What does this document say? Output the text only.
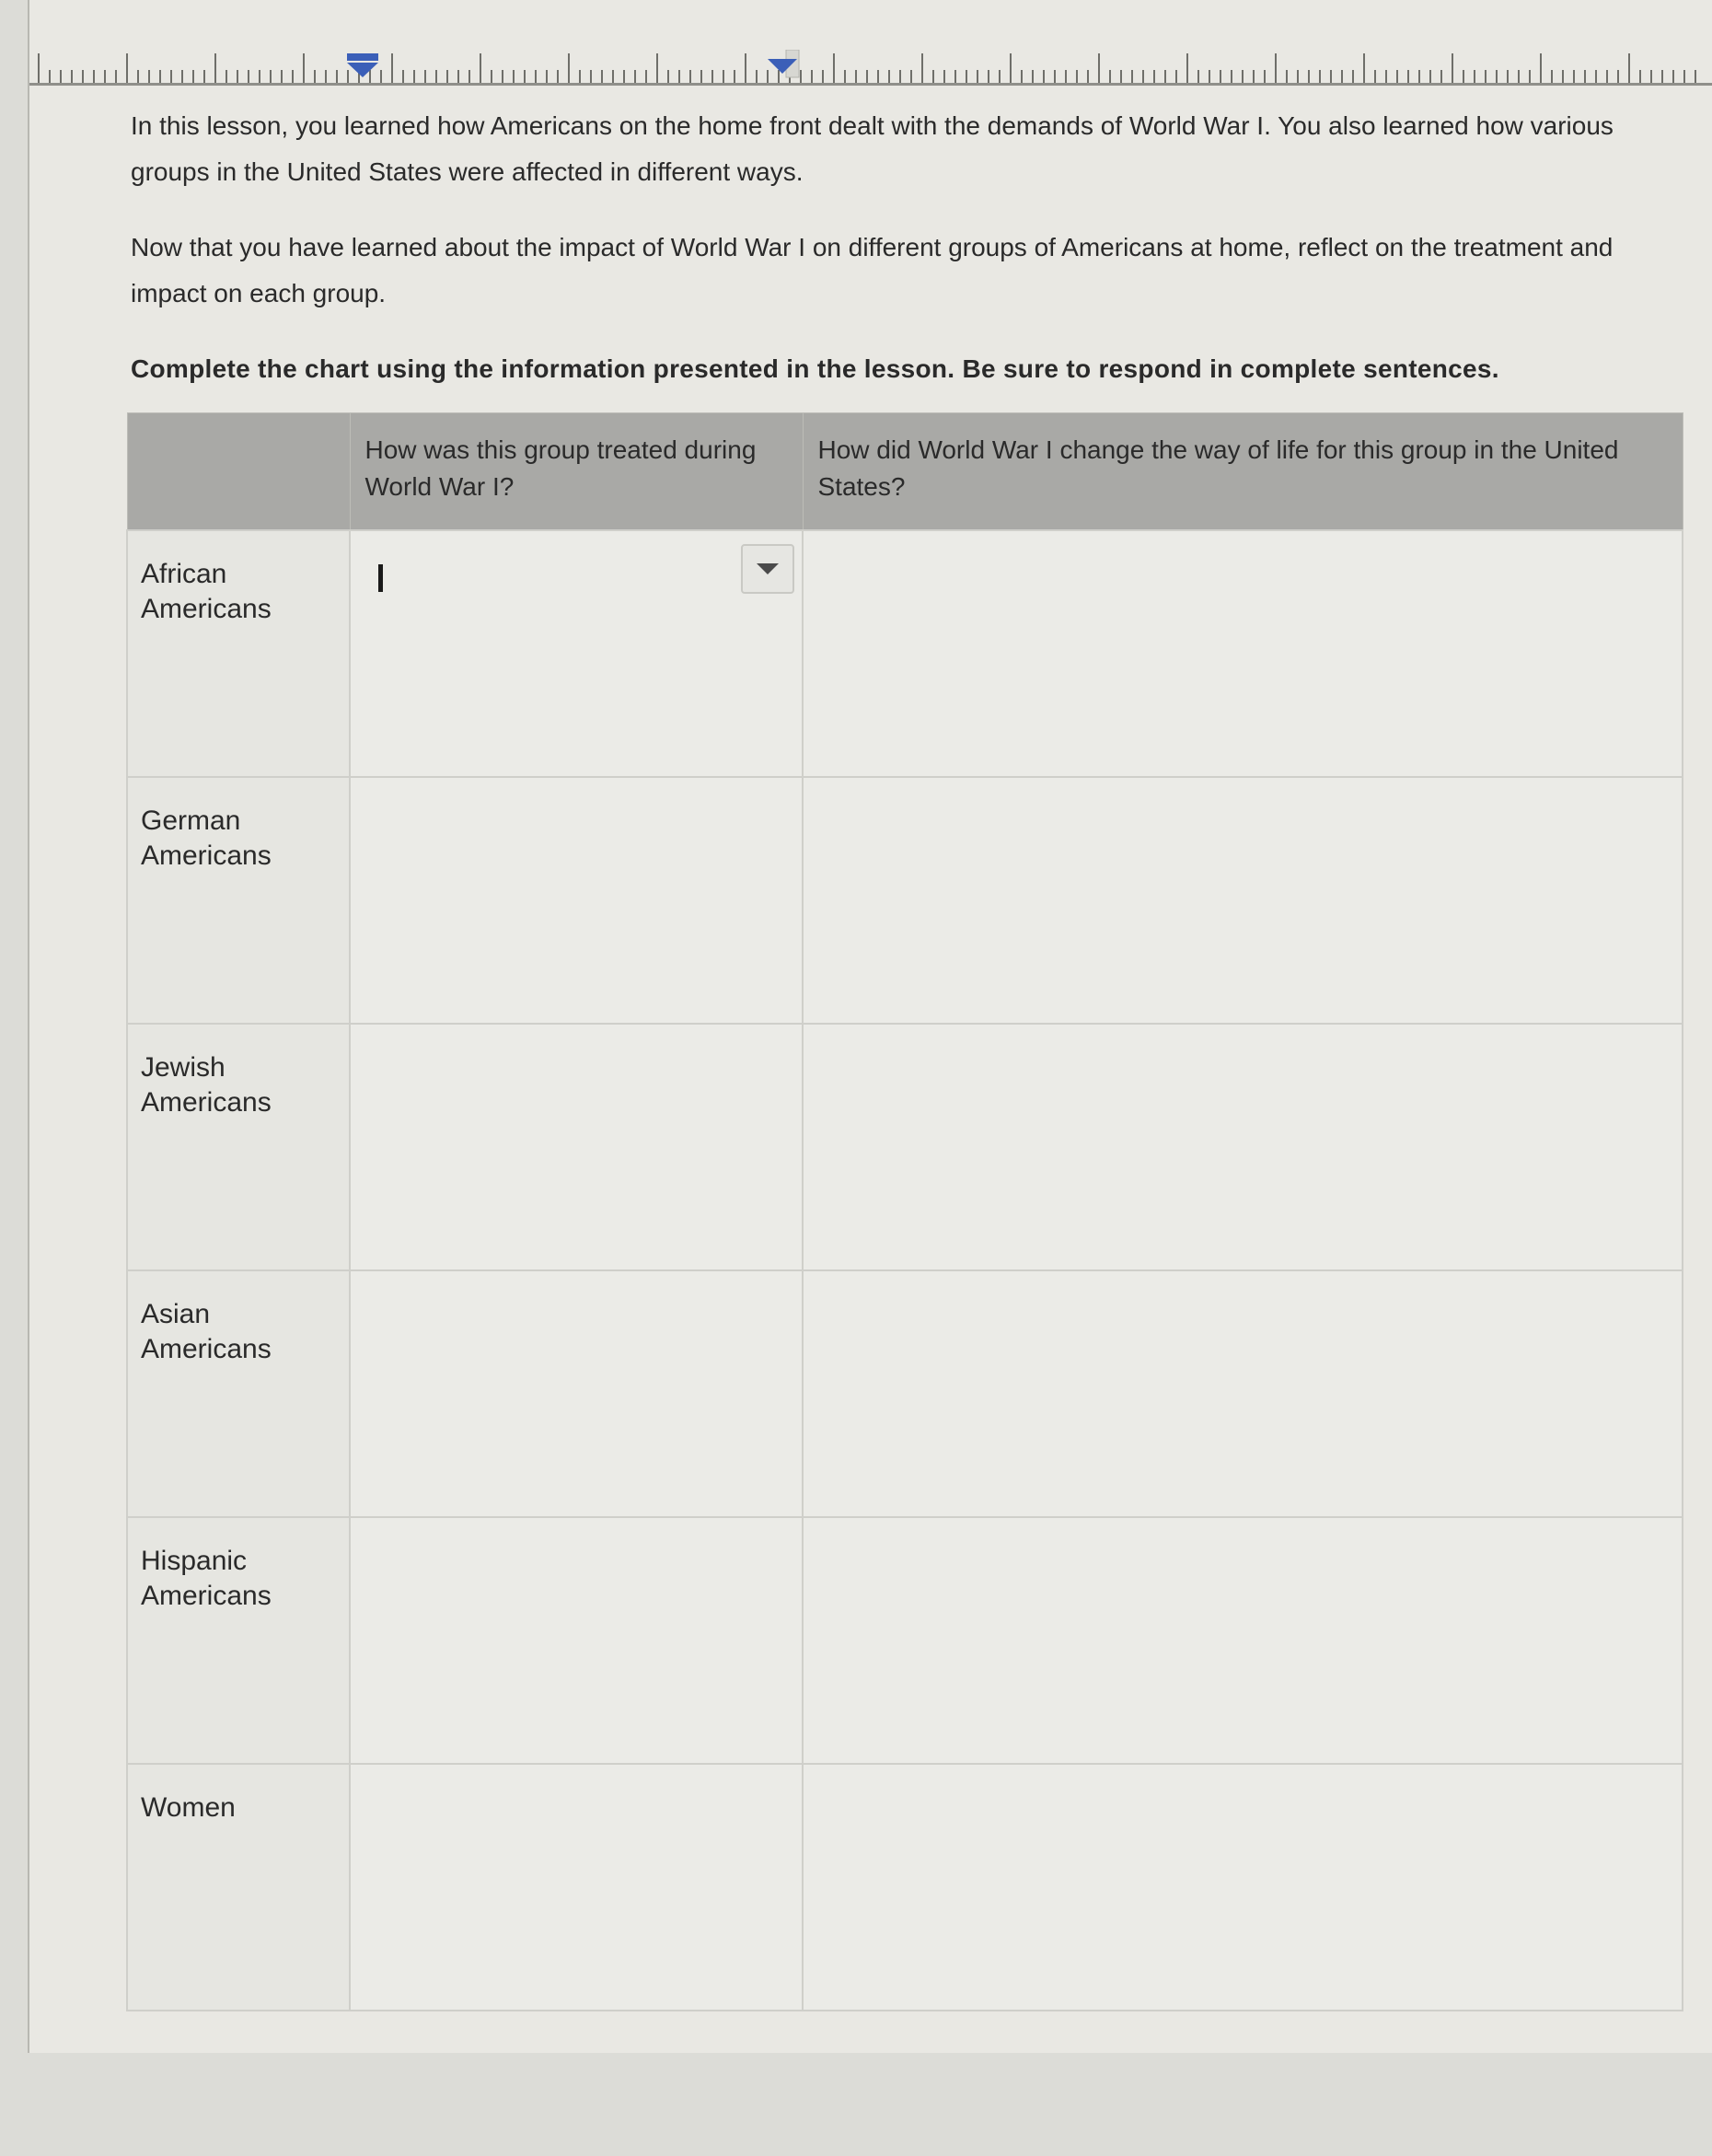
In this lesson, you learned how Americans on the home front dealt with the demands of World War I. You also learned how various groups in the United States were affected in different ways.

Now that you have learned about the impact of World War I on different groups of Americans at home, reflect on the treatment and impact on each group.

Complete the chart using the information presented in the lesson. Be sure to respond in complete sentences.

	How was this group treated during World War I?	How did World War I change the way of life for this group in the United States?

African Americans

German Americans		

Jewish Americans		

Asian Americans		

Hispanic Americans		

Women		
